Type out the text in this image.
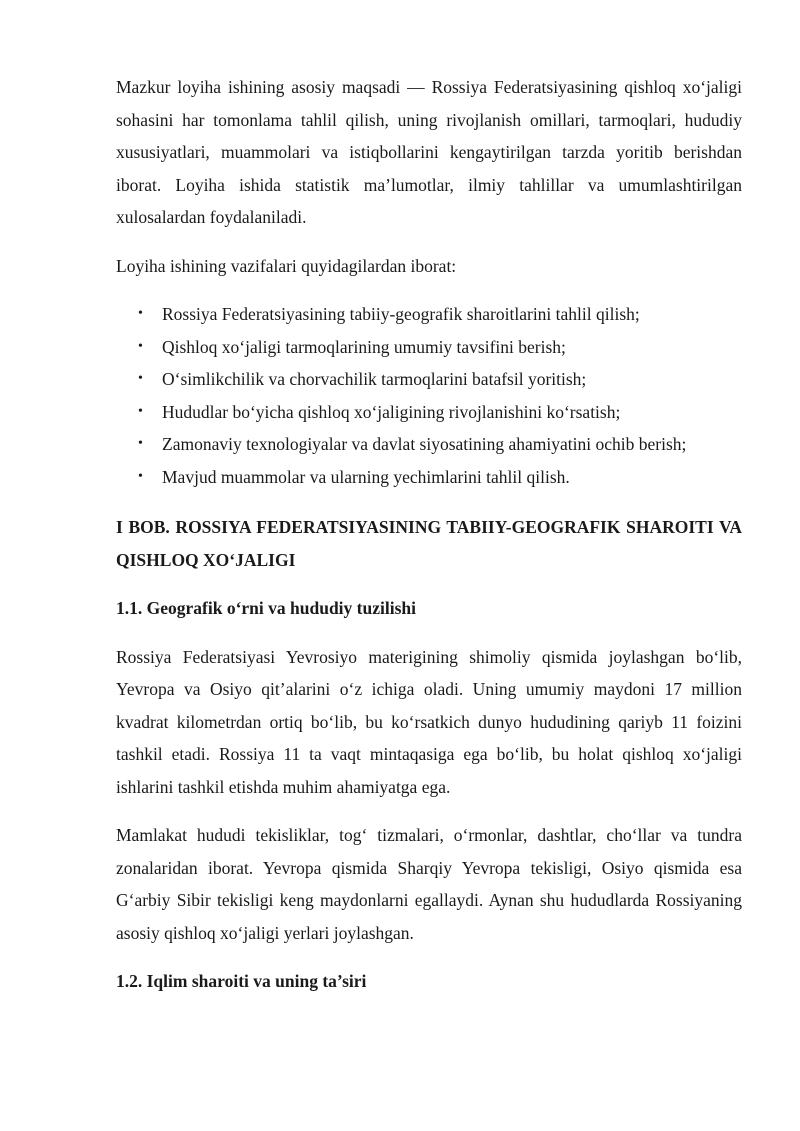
Mazkur loyiha ishining asosiy maqsadi — Rossiya Federatsiyasining qishloq xo‘jaligi sohasini har tomonlama tahlil qilish, uning rivojlanish omillari, tarmoqlari, hududiy xususiyatlari, muammolari va istiqbollarini kengaytirilgan tarzda yoritib berishdan iborat. Loyiha ishida statistik ma’lumotlar, ilmiy tahlillar va umumlashtirilgan xulosalardan foydalaniladi.

Loyiha ishining vazifalari quyidagilardan iborat:

• Rossiya Federatsiyasining tabiiy-geografik sharoitlarini tahlil qilish;
• Qishloq xo‘jaligi tarmoqlarining umumiy tavsifini berish;
• O‘simlikchilik va chorvachilik tarmoqlarini batafsil yoritish;
• Hududlar bo‘yicha qishloq xo‘jaligining rivojlanishini ko‘rsatish;
• Zamonaviy texnologiyalar va davlat siyosatining ahamiyatini ochib berish;
• Mavjud muammolar va ularning yechimlarini tahlil qilish.
I BOB. ROSSIYA FEDERATSIYASINING TABIIY-GEOGRAFIK SHAROITI VA QISHLOQ XO‘JALIGI
1.1. Geografik o‘rni va hududiy tuzilishi

Rossiya Federatsiyasi Yevrosiyo materigining shimoliy qismida joylashgan bo‘lib, Yevropa va Osiyo qit’alarini o‘z ichiga oladi. Uning umumiy maydoni 17 million kvadrat kilometrdan ortiq bo‘lib, bu ko‘rsatkich dunyo hududining qariyb 11 foizini tashkil etadi. Rossiya 11 ta vaqt mintaqasiga ega bo‘lib, bu holat qishloq xo‘jaligi ishlarini tashkil etishda muhim ahamiyatga ega.

Mamlakat hududi tekisliklar, tog‘ tizmalari, o‘rmonlar, dashtlar, cho‘llar va tundra zonalaridan iborat. Yevropa qismida Sharqiy Yevropa tekisligi, Osiyo qismida esa G‘arbiy Sibir tekisligi keng maydonlarni egallaydi. Aynan shu hududlarda Rossiyaning asosiy qishloq xo‘jaligi yerlari joylashgan.

1.2. Iqlim sharoiti va uning ta’siri
